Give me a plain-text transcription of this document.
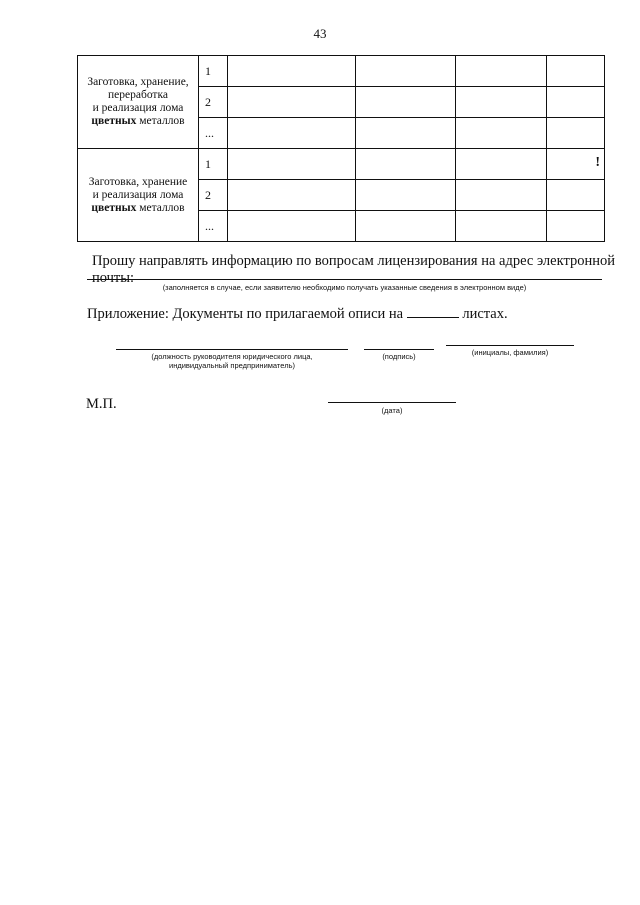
43
Заготовка, хранение,
переработка
и реализация лома
цветных металлов	1				
	2				
	...				

Заготовка, хранение
и реализация лома
цветных металлов	1				!

	2				
	...				
Прошу направлять информацию по вопросам лицензирования на адрес электронной почты:
(заполняется в случае, если заявителю необходимо получать указанные сведения в электронном виде)
Приложение: Документы по прилагаемой описи на	листах.
(должность руководителя юридического лица,
индивидуальный предприниматель)
(подпись)	(инициалы, фамилия)
М.П.	(дата)
